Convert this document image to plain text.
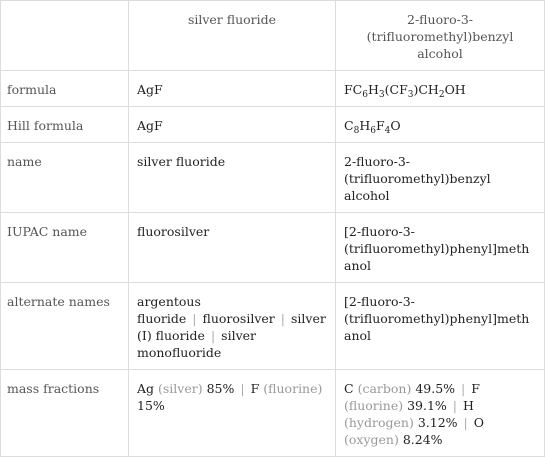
	silver fluoride	2-fluoro-3-(trifluoromethyl)benzyl alcohol
formula	AgF	$FC_6H_3(CF_3)CH_2OH$
Hill formula	AgF	$C_8H_6F_4O$
name	silver fluoride	2-fluoro-3-(trifluoromethyl)benzyl alcohol
IUPAC name	fluorosilver	[2-fluoro-3-(trifluoromethyl)phenyl]methanol
alternate names	argentous fluoride | fluorosilver | silver(I) fluoride | silver monofluoride	[2-fluoro-3-(trifluoromethyl)phenyl]methanol
mass fractions	Ag (silver) 85% | F (fluorine) 15%	C (carbon) 49.5% | F (fluorine) 39.1% | H (hydrogen) 3.12% | O (oxygen) 8.24%
